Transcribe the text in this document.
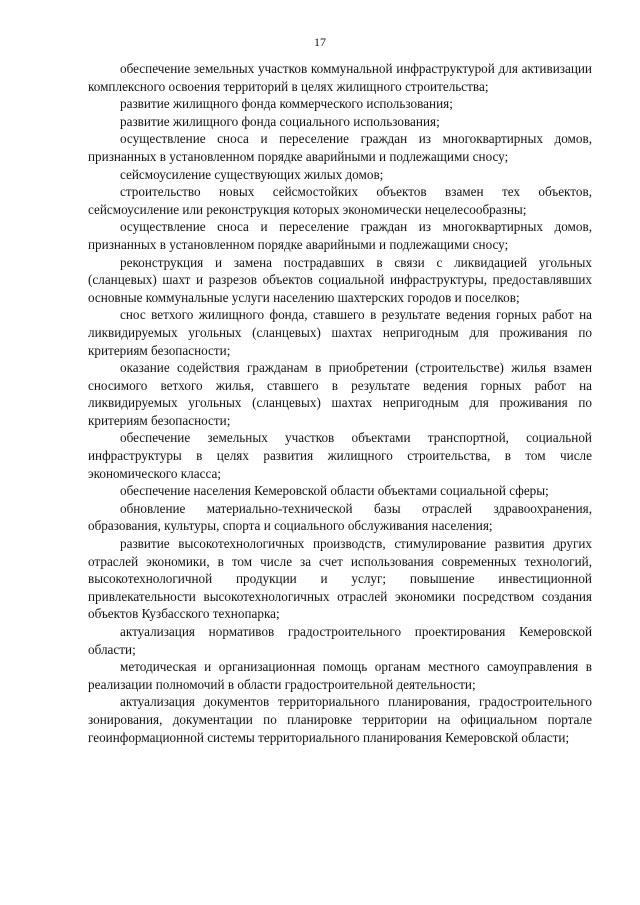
17

обеспечение земельных участков коммунальной инфраструктурой для активизации комплексного освоения территорий в целях жилищного строительства;

развитие жилищного фонда коммерческого использования;

развитие жилищного фонда социального использования;

осуществление сноса и переселение граждан из многоквартирных домов, признанных в установленном порядке аварийными и подлежащими сносу;

сейсмоусиление существующих жилых домов;

строительство новых сейсмостойких объектов взамен тех объектов, сейсмоусиление или реконструкция которых экономически нецелесообразны;

осуществление сноса и переселение граждан из многоквартирных домов, признанных в установленном порядке аварийными и подлежащими сносу;

реконструкция и замена пострадавших в связи с ликвидацией угольных (сланцевых) шахт и разрезов объектов социальной инфраструктуры, предоставлявших основные коммунальные услуги населению шахтерских городов и поселков;

снос ветхого жилищного фонда, ставшего в результате ведения горных работ на ликвидируемых угольных (сланцевых) шахтах непригодным для проживания по критериям безопасности;

оказание содействия гражданам в приобретении (строительстве) жилья взамен сносимого ветхого жилья, ставшего в результате ведения горных работ на ликвидируемых угольных (сланцевых) шахтах непригодным для проживания по критериям безопасности;

обеспечение земельных участков объектами транспортной, социальной инфраструктуры в целях развития жилищного строительства, в том числе экономического класса;

обеспечение населения Кемеровской области объектами социальной сферы;

обновление материально-технической базы отраслей здравоохранения, образования, культуры, спорта и социального обслуживания населения;

развитие высокотехнологичных производств, стимулирование развития других отраслей экономики, в том числе за счет использования современных технологий, высокотехнологичной продукции и услуг; повышение инвестиционной привлекательности высокотехнологичных отраслей экономики посредством создания объектов Кузбасского технопарка;

актуализация нормативов градостроительного проектирования Кемеровской области;

методическая и организационная помощь органам местного самоуправления в реализации полномочий в области градостроительной деятельности;

актуализация документов территориального планирования, градостроительного зонирования, документации по планировке территории на официальном портале геоинформационной системы территориального планирования Кемеровской области;
